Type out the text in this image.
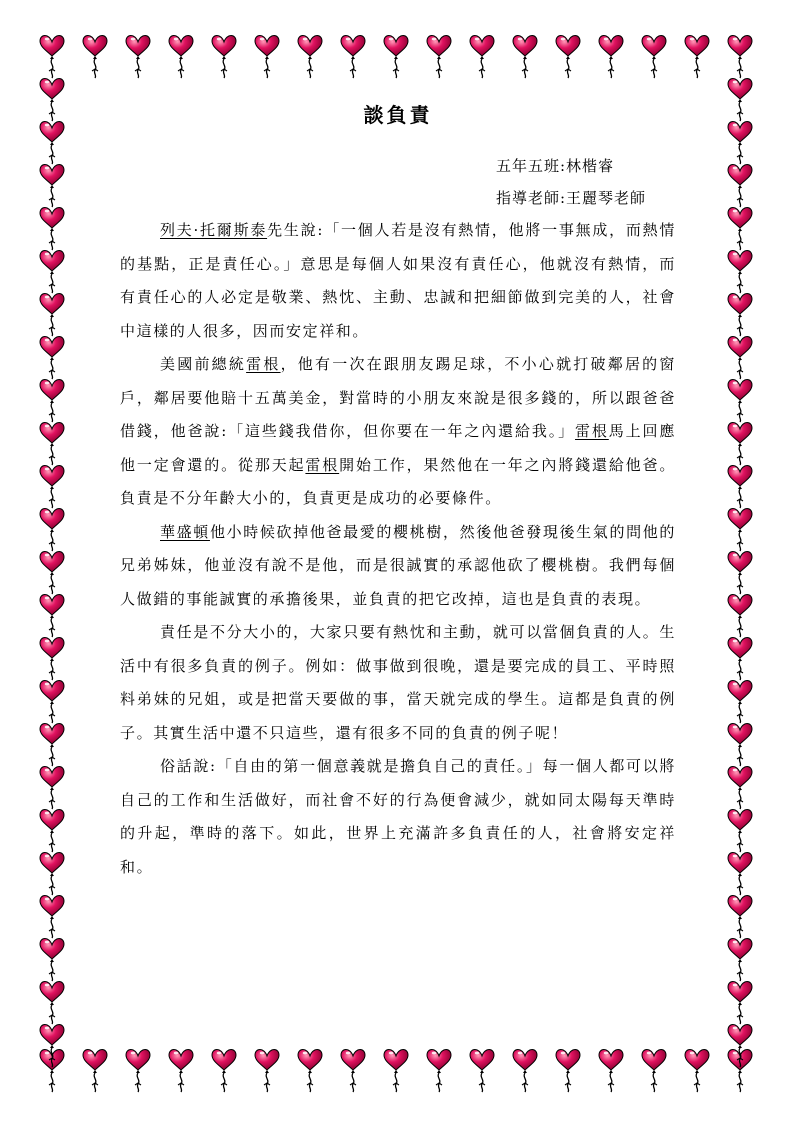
談負責
五年五班:林楷睿
指導老師:王麗琴老師

列夫·托爾斯泰先生說:「一個人若是沒有熱情，他將一事無成，而熱情的基點，正是責任心。」意思是每個人如果沒有責任心，他就沒有熱情，而有責任心的人必定是敬業、熱忱、主動、忠誠和把細節做到完美的人，社會中這樣的人很多，因而安定祥和。

美國前總統雷根，他有一次在跟朋友踢足球，不小心就打破鄰居的窗戶，鄰居要他賠十五萬美金，對當時的小朋友來說是很多錢的，所以跟爸爸借錢，他爸說:「這些錢我借你，但你要在一年之內還給我。」雷根馬上回應他一定會還的。從那天起雷根開始工作，果然他在一年之內將錢還給他爸。負責是不分年齡大小的，負責更是成功的必要條件。

華盛頓他小時候砍掉他爸最愛的櫻桃樹，然後他爸發現後生氣的問他的兄弟姊妹，他並沒有說不是他，而是很誠實的承認他砍了櫻桃樹。我們每個人做錯的事能誠實的承擔後果，並負責的把它改掉，這也是負責的表現。

責任是不分大小的，大家只要有熱忱和主動，就可以當個負責的人。生活中有很多負責的例子。例如：做事做到很晚，還是要完成的員工、平時照料弟妹的兄姐，或是把當天要做的事，當天就完成的學生。這都是負責的例子。其實生活中還不只這些，還有很多不同的負責的例子呢！

俗話說:「自由的第一個意義就是擔負自己的責任。」每一個人都可以將自己的工作和生活做好，而社會不好的行為便會減少，就如同太陽每天準時的升起，準時的落下。如此，世界上充滿許多負責任的人，社會將安定祥和。
